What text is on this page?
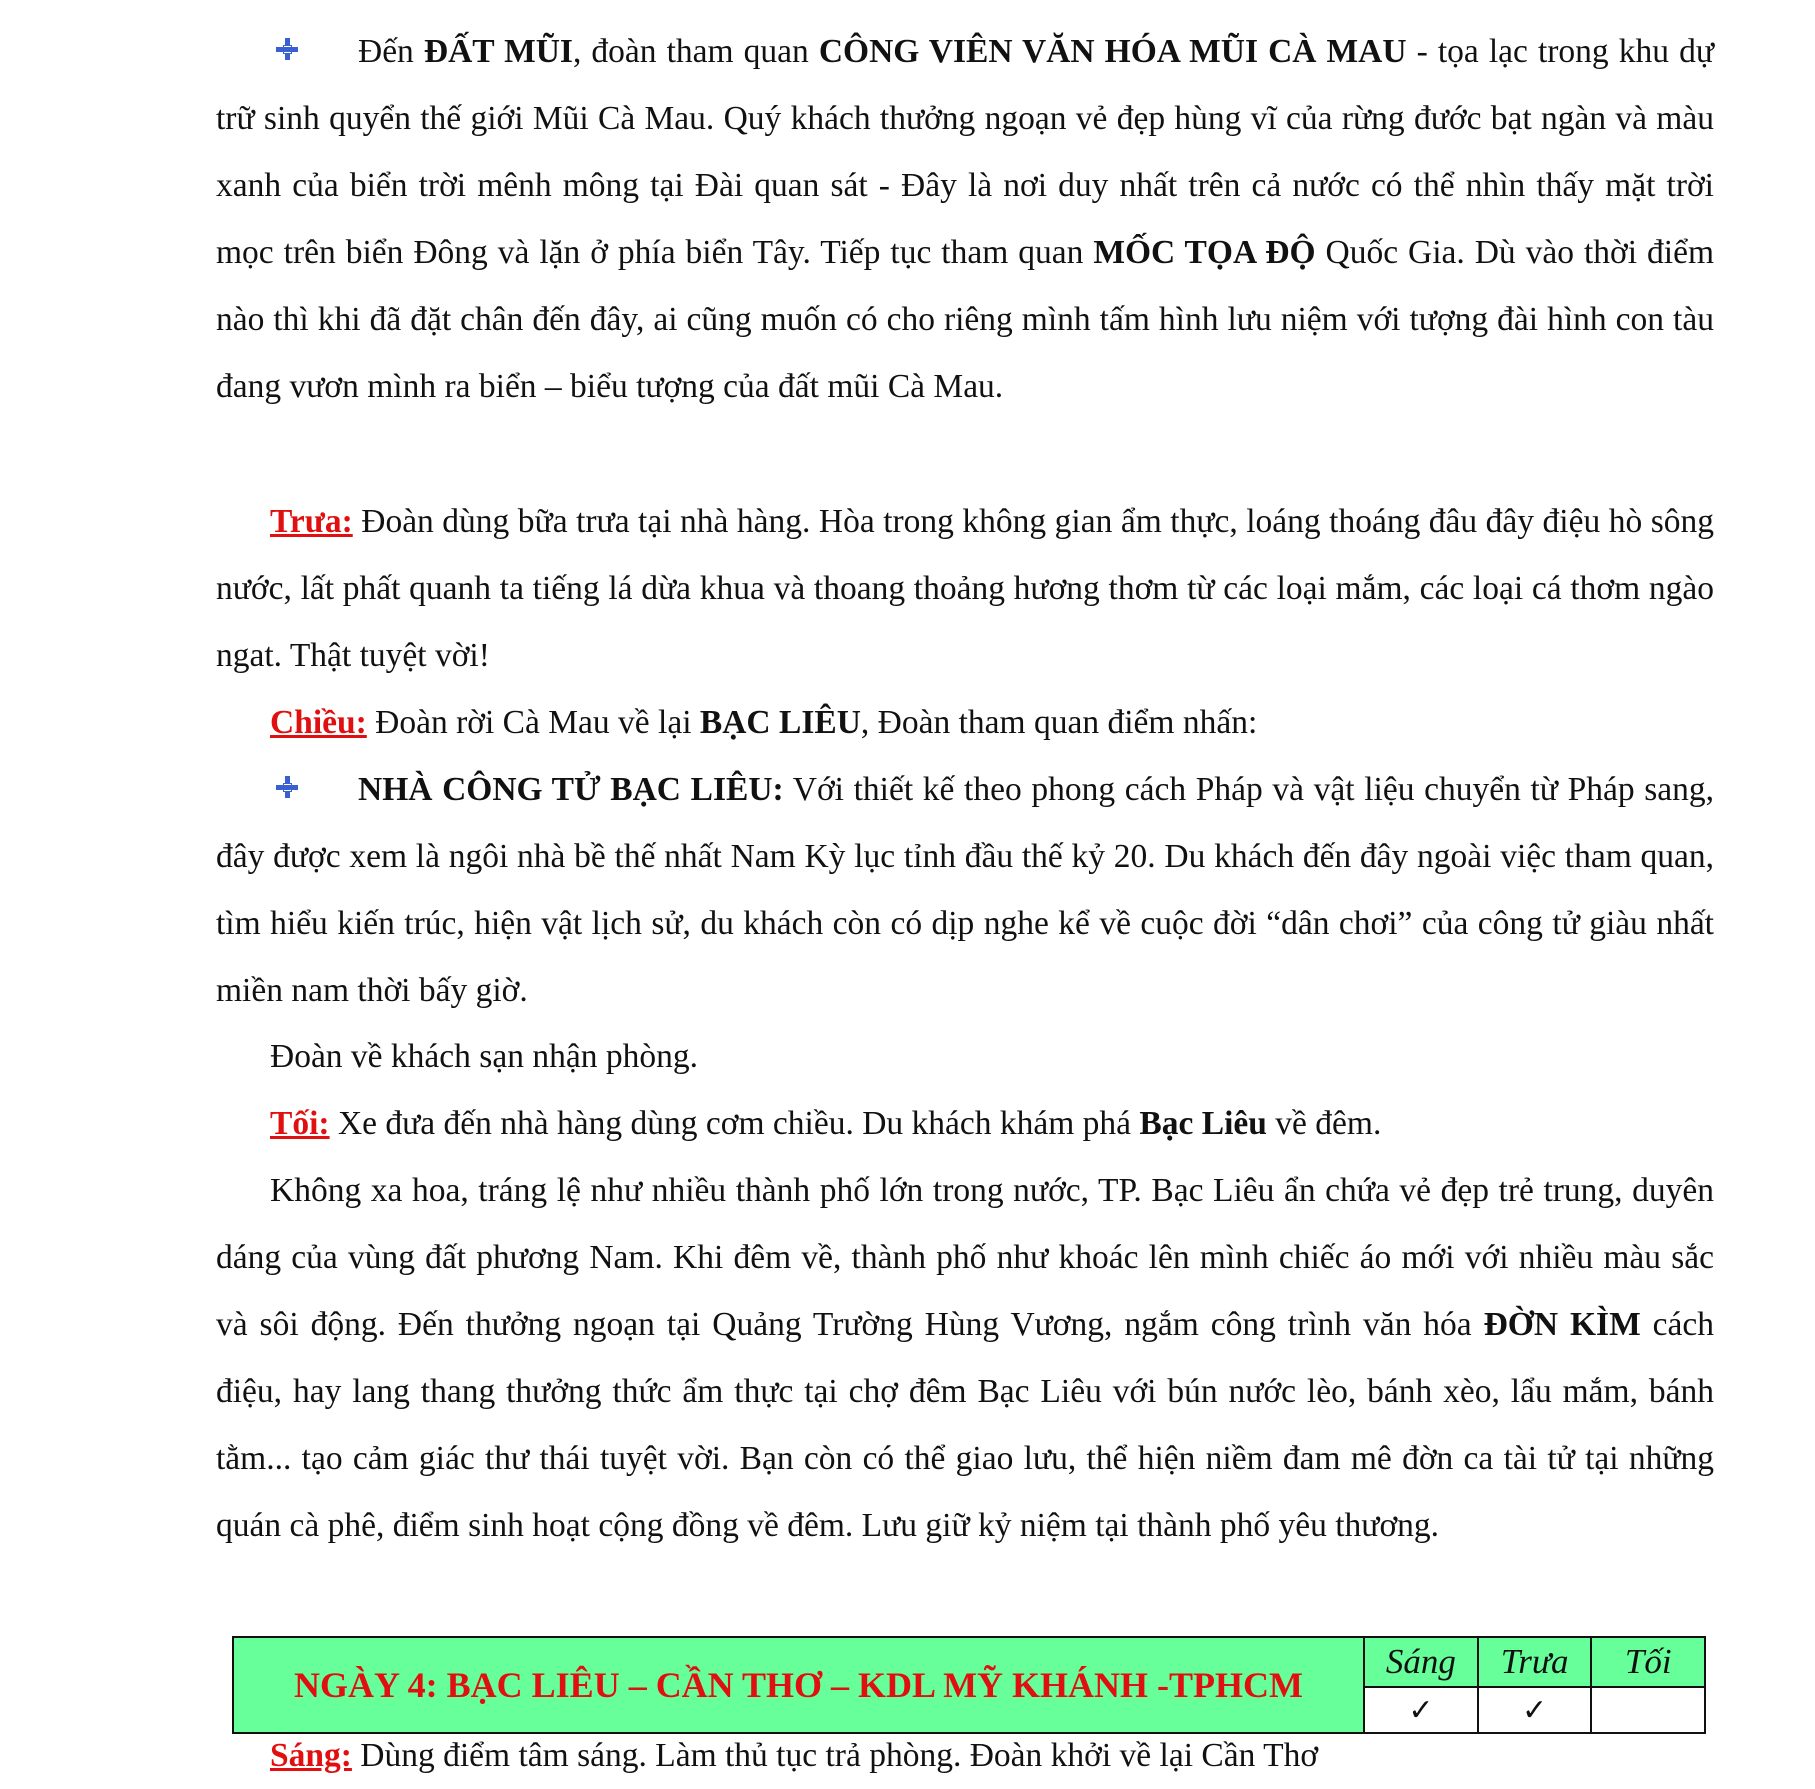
Đến ĐẤT MŨI, đoàn tham quan CÔNG VIÊN VĂN HÓA MŨI CÀ MAU - tọa lạc trong khu dự trữ sinh quyển thế giới Mũi Cà Mau. Quý khách thưởng ngoạn vẻ đẹp hùng vĩ của rừng đước bạt ngàn và màu xanh của biển trời mênh mông tại Đài quan sát - Đây là nơi duy nhất trên cả nước có thể nhìn thấy mặt trời mọc trên biển Đông và lặn ở phía biển Tây. Tiếp tục tham quan MỐC TỌA ĐỘ Quốc Gia. Dù vào thời điểm nào thì khi đã đặt chân đến đây, ai cũng muốn có cho riêng mình tấm hình lưu niệm với tượng đài hình con tàu đang vươn mình ra biển – biểu tượng của đất mũi Cà Mau.

Trưa: Đoàn dùng bữa trưa tại nhà hàng. Hòa trong không gian ẩm thực, loáng thoáng đâu đây điệu hò sông nước, lất phất quanh ta tiếng lá dừa khua và thoang thoảng hương thơm từ các loại mắm, các loại cá thơm ngào ngat. Thật tuyệt vời!

Chiều: Đoàn rời Cà Mau về lại BẠC LIÊU, Đoàn tham quan điểm nhấn:

NHÀ CÔNG TỬ BẠC LIÊU: Với thiết kế theo phong cách Pháp và vật liệu chuyển từ Pháp sang, đây được xem là ngôi nhà bề thế nhất Nam Kỳ lục tỉnh đầu thế kỷ 20. Du khách đến đây ngoài việc tham quan, tìm hiểu kiến trúc, hiện vật lịch sử, du khách còn có dịp nghe kể về cuộc đời “dân chơi” của công tử giàu nhất miền nam thời bấy giờ.

Đoàn về khách sạn nhận phòng.

Tối: Xe đưa đến nhà hàng dùng cơm chiều. Du khách khám phá Bạc Liêu về đêm.

Không xa hoa, tráng lệ như nhiều thành phố lớn trong nước, TP. Bạc Liêu ẩn chứa vẻ đẹp trẻ trung, duyên dáng của vùng đất phương Nam. Khi đêm về, thành phố như khoác lên mình chiếc áo mới với nhiều màu sắc và sôi động. Đến thưởng ngoạn tại Quảng Trường Hùng Vương, ngắm công trình văn hóa ĐỜN KÌM cách điệu, hay lang thang thưởng thức ẩm thực tại chợ đêm Bạc Liêu với bún nước lèo, bánh xèo, lẩu mắm, bánh tằm... tạo cảm giác thư thái tuyệt vời. Bạn còn có thể giao lưu, thể hiện niềm đam mê đờn ca tài tử tại những quán cà phê, điểm sinh hoạt cộng đồng về đêm. Lưu giữ kỷ niệm tại thành phố yêu thương.

NGÀY 4: BẠC LIÊU – CẦN THƠ – KDL MỸ KHÁNH -TPHCM	Sáng	Trưa	Tối
	✓	✓	

Sáng: Dùng điểm tâm sáng. Làm thủ tục trả phòng. Đoàn khởi về lại Cần Thơ
